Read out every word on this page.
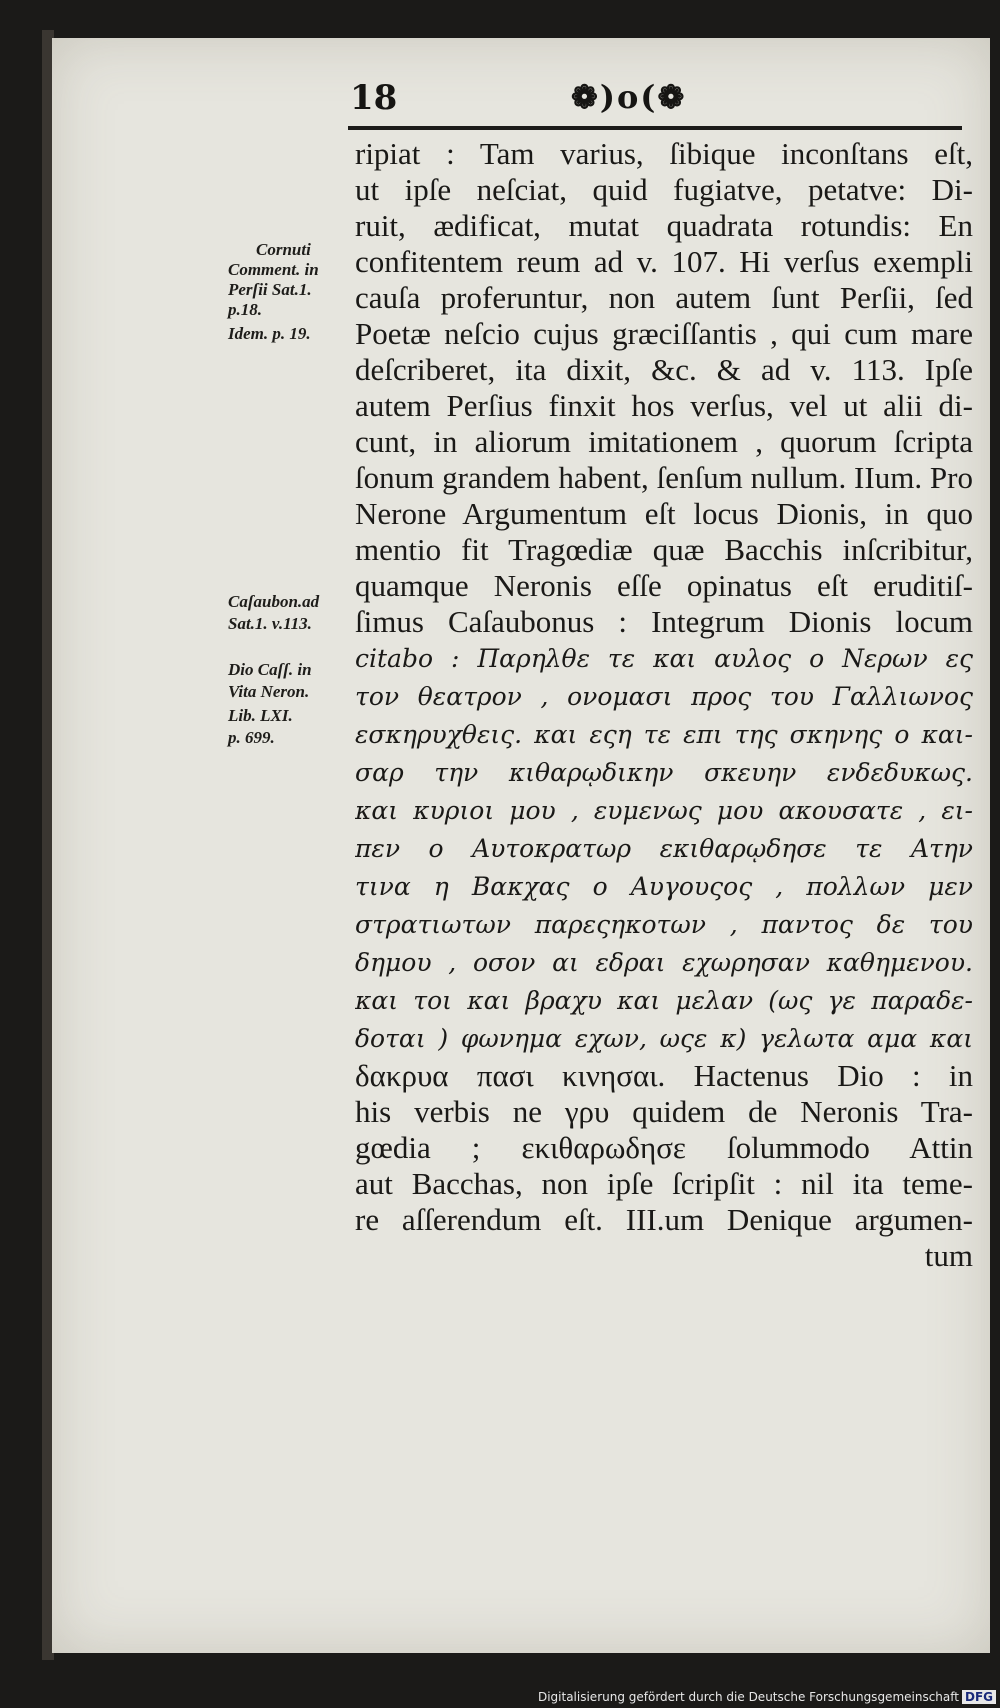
18	❁)o(❁
Cornuti
Comment. in
Perſii Sat.1.
p.18.
Idem. p. 19.
Caſaubon.ad
Sat.1. v.113.
Dio Caſſ. in
Vita Neron.
Lib. LXI.
p. 699.
ripiat : Tam varius, ſibique inconſtans eſt,
ut ipſe neſciat, quid fugiatve, petatve: Di-
ruit, ædificat, mutat quadrata rotundis: En
confitentem reum ad v. 107. Hi verſus exempli
cauſa proferuntur, non autem ſunt Perſii, ſed
Poetæ neſcio cujus græciſſantis , qui cum mare
deſcriberet, ita dixit, &c. & ad v. 113. Ipſe
autem Perſius finxit hos verſus, vel ut alii di-
cunt, in aliorum imitationem , quorum ſcripta
ſonum grandem habent, ſenſum nullum. IIum. Pro
Nerone Argumentum eſt locus Dionis, in quo
mentio fit Tragœdiæ quæ Bacchis inſcribitur,
quamque Neronis eſſe opinatus eſt eruditiſ-
ſimus Caſaubonus : Integrum Dionis locum
citabo : Παρηλθε τε και αυλος ο Νερων ες
τον θεατρον , ονομασι προς του Γαλλιωνος
εσκηρυχθεις. και εςη τε επι της σκηνης ο και-
σαρ την κιθαρῳδικην σκευην ενδεδυκως.
και κυριοι μου , ευμενως μου ακουσατε , ει-
πεν ο Αυτοκρατωρ εκιθαρῳδησε τε Ατην
τινα η Βακχας ο Αυγουςος , πολλων μεν
στρατιωτων παρεςηκοτων , παντος δε του
δημου , οσον αι εδραι εχωρησαν καθημενου.
και τοι και βραχυ και μελαν (ως γε παραδε-
δοται ) φωνημα εχων, ωςε κ) γελωτα αμα και
δακρυα πασι κινησαι. Hactenus Dio : in
his verbis ne γρυ quidem de Neronis Tra-
gœdia ; εκιθαρωδησε ſolummodo Attin
aut Bacchas, non ipſe ſcripſit : nil ita teme-
re aſſerendum eſt. III.um Denique argumen-
tum
Digitalisierung gefördert durch die Deutsche Forschungsgemeinschaft DFG
